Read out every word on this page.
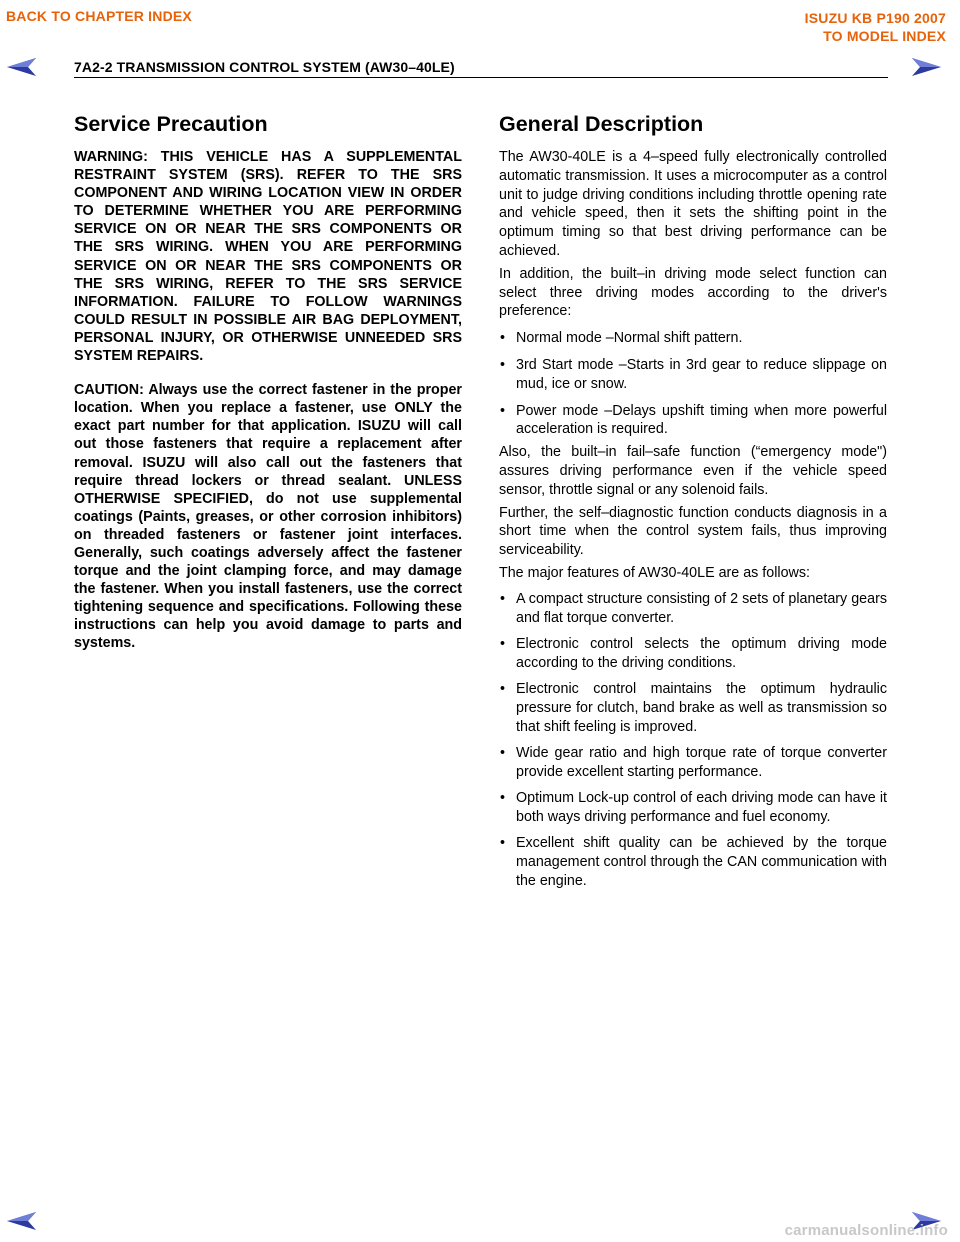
BACK TO CHAPTER INDEX	ISUZU KB P190 2007
TO MODEL INDEX
7A2-2 TRANSMISSION CONTROL SYSTEM (AW30–40LE)
Service Precaution

WARNING: THIS VEHICLE HAS A SUPPLEMENTAL RESTRAINT SYSTEM (SRS). REFER TO THE SRS COMPONENT AND WIRING LOCATION VIEW IN ORDER TO DETERMINE WHETHER YOU ARE PERFORMING SERVICE ON OR NEAR THE SRS COMPONENTS OR THE SRS WIRING. WHEN YOU ARE PERFORMING SERVICE ON OR NEAR THE SRS COMPONENTS OR THE SRS WIRING, REFER TO THE SRS SERVICE INFORMATION. FAILURE TO FOLLOW WARNINGS COULD RESULT IN POSSIBLE AIR BAG DEPLOYMENT, PERSONAL INJURY, OR OTHERWISE UNNEEDED SRS SYSTEM REPAIRS.

CAUTION: Always use the correct fastener in the proper location. When you replace a fastener, use ONLY the exact part number for that application. ISUZU will call out those fasteners that require a replacement after removal. ISUZU will also call out the fasteners that require thread lockers or thread sealant. UNLESS OTHERWISE SPECIFIED, do not use supplemental coatings (Paints, greases, or other corrosion inhibitors) on threaded fasteners or fastener joint interfaces. Generally, such coatings adversely affect the fastener torque and the joint clamping force, and may damage the fastener. When you install fasteners, use the correct tightening sequence and specifications. Following these instructions can help you avoid damage to parts and systems.

General Description

The AW30-40LE is a 4–speed fully electronically controlled automatic transmission. It uses a microcomputer as a control unit to judge driving conditions including throttle opening rate and vehicle speed, then it sets the shifting point in the optimum timing so that best driving performance can be achieved.

In addition, the built–in driving mode select function can select three driving modes according to the driver's preference:

• Normal mode –Normal shift pattern.
• 3rd Start mode –Starts in 3rd gear to reduce slippage on mud, ice or snow.
• Power mode –Delays upshift timing when more powerful acceleration is required.

Also, the built–in fail–safe function (“emergency mode") assures driving performance even if the vehicle speed sensor, throttle signal or any solenoid fails.

Further, the self–diagnostic function conducts diagnosis in a short time when the control system fails, thus improving serviceability.

The major features of AW30-40LE are as follows:

• A compact structure consisting of 2 sets of planetary gears and flat torque converter.
• Electronic control selects the optimum driving mode according to the driving conditions.
• Electronic control maintains the optimum hydraulic pressure for clutch, band brake as well as transmission so that shift feeling is improved.
• Wide gear ratio and high torque rate of torque converter provide excellent starting performance.
• Optimum Lock-up control of each driving mode can have it both ways driving performance and fuel economy.
• Excellent shift quality can be achieved by the torque management control through the CAN communication with the engine.
carmanualsonline.info
